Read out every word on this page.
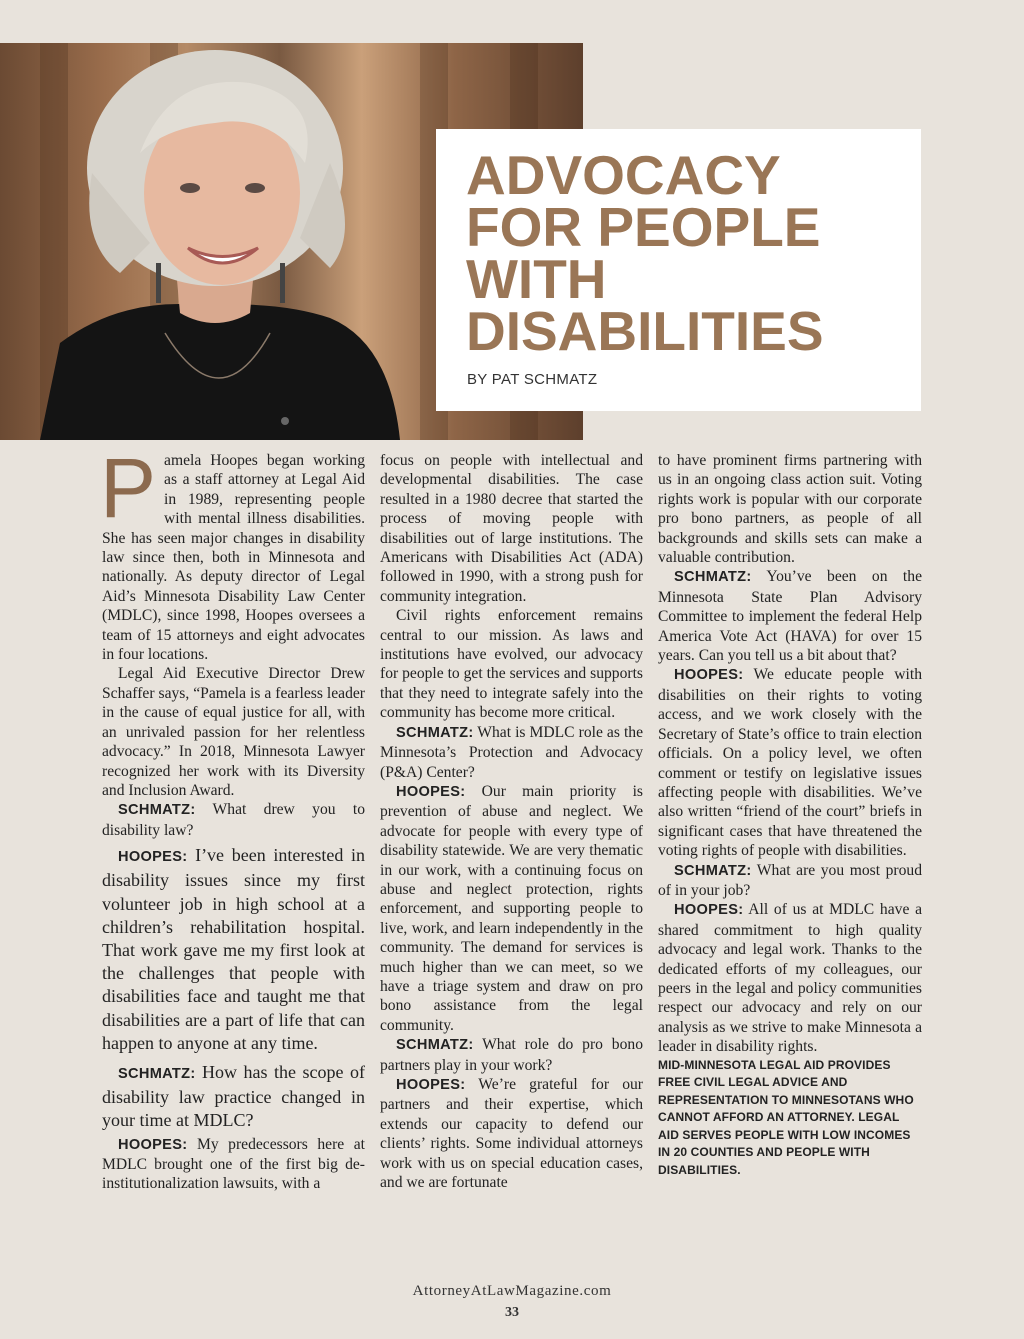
ADVOCACY
FOR PEOPLE
WITH
DISABILITIES
BY PAT SCHMATZ

Pamela Hoopes began working as a staff attorney at Legal Aid in 1989, representing people with mental illness disabilities. She has seen major changes in disability law since then, both in Minnesota and nationally. As deputy director of Legal Aid’s Minnesota Disability Law Center (MDLC), since 1998, Hoopes oversees a team of 15 attorneys and eight advocates in four locations.

Legal Aid Executive Director Drew Schaffer says, “Pamela is a fearless leader in the cause of equal justice for all, with an unrivaled passion for her relentless advocacy.” In 2018, Minnesota Lawyer recognized her work with its Diversity and Inclusion Award.

SCHMATZ: What drew you to disability law?

HOOPES: I’ve been interested in disability issues since my first volunteer job in high school at a children’s rehabilitation hospital. That work gave me my first look at the challenges that people with disabilities face and taught me that disabilities are a part of life that can happen to anyone at any time.

SCHMATZ: How has the scope of disability law practice changed in your time at MDLC?

HOOPES: My predecessors here at MDLC brought one of the first big de-institutionalization lawsuits, with a

focus on people with intellectual and developmental disabilities. The case resulted in a 1980 decree that started the process of moving people with disabilities out of large institutions. The Americans with Disabilities Act (ADA) followed in 1990, with a strong push for community integration.

Civil rights enforcement remains central to our mission. As laws and institutions have evolved, our advocacy for people to get the services and supports that they need to integrate safely into the community has become more critical.

SCHMATZ: What is MDLC role as the Minnesota’s Protection and Advocacy (P&A) Center?

HOOPES: Our main priority is prevention of abuse and neglect. We advocate for people with every type of disability statewide. We are very thematic in our work, with a continuing focus on abuse and neglect protection, rights enforcement, and supporting people to live, work, and learn independently in the community. The demand for services is much higher than we can meet, so we have a triage system and draw on pro bono assistance from the legal community.

SCHMATZ: What role do pro bono partners play in your work?

HOOPES: We’re grateful for our partners and their expertise, which extends our capacity to defend our clients’ rights. Some individual attorneys work with us on special education cases, and we are fortunate

to have prominent firms partnering with us in an ongoing class action suit. Voting rights work is popular with our corporate pro bono partners, as people of all backgrounds and skills sets can make a valuable contribution.

SCHMATZ: You’ve been on the Minnesota State Plan Advisory Committee to implement the federal Help America Vote Act (HAVA) for over 15 years. Can you tell us a bit about that?

HOOPES: We educate people with disabilities on their rights to voting access, and we work closely with the Secretary of State’s office to train election officials. On a policy level, we often comment or testify on legislative issues affecting people with disabilities. We’ve also written “friend of the court” briefs in significant cases that have threatened the voting rights of people with disabilities.

SCHMATZ: What are you most proud of in your job?

HOOPES: All of us at MDLC have a shared commitment to high quality advocacy and legal work. Thanks to the dedicated efforts of my colleagues, our peers in the legal and policy communities respect our advocacy and rely on our analysis as we strive to make Minnesota a leader in disability rights.

MID-MINNESOTA LEGAL AID PROVIDES FREE CIVIL LEGAL ADVICE AND REPRESENTATION TO MINNESOTANS WHO CANNOT AFFORD AN ATTORNEY. LEGAL AID SERVES PEOPLE WITH LOW INCOMES IN 20 COUNTIES AND PEOPLE WITH DISABILITIES.

AttorneyAtLawMagazine.com
33
